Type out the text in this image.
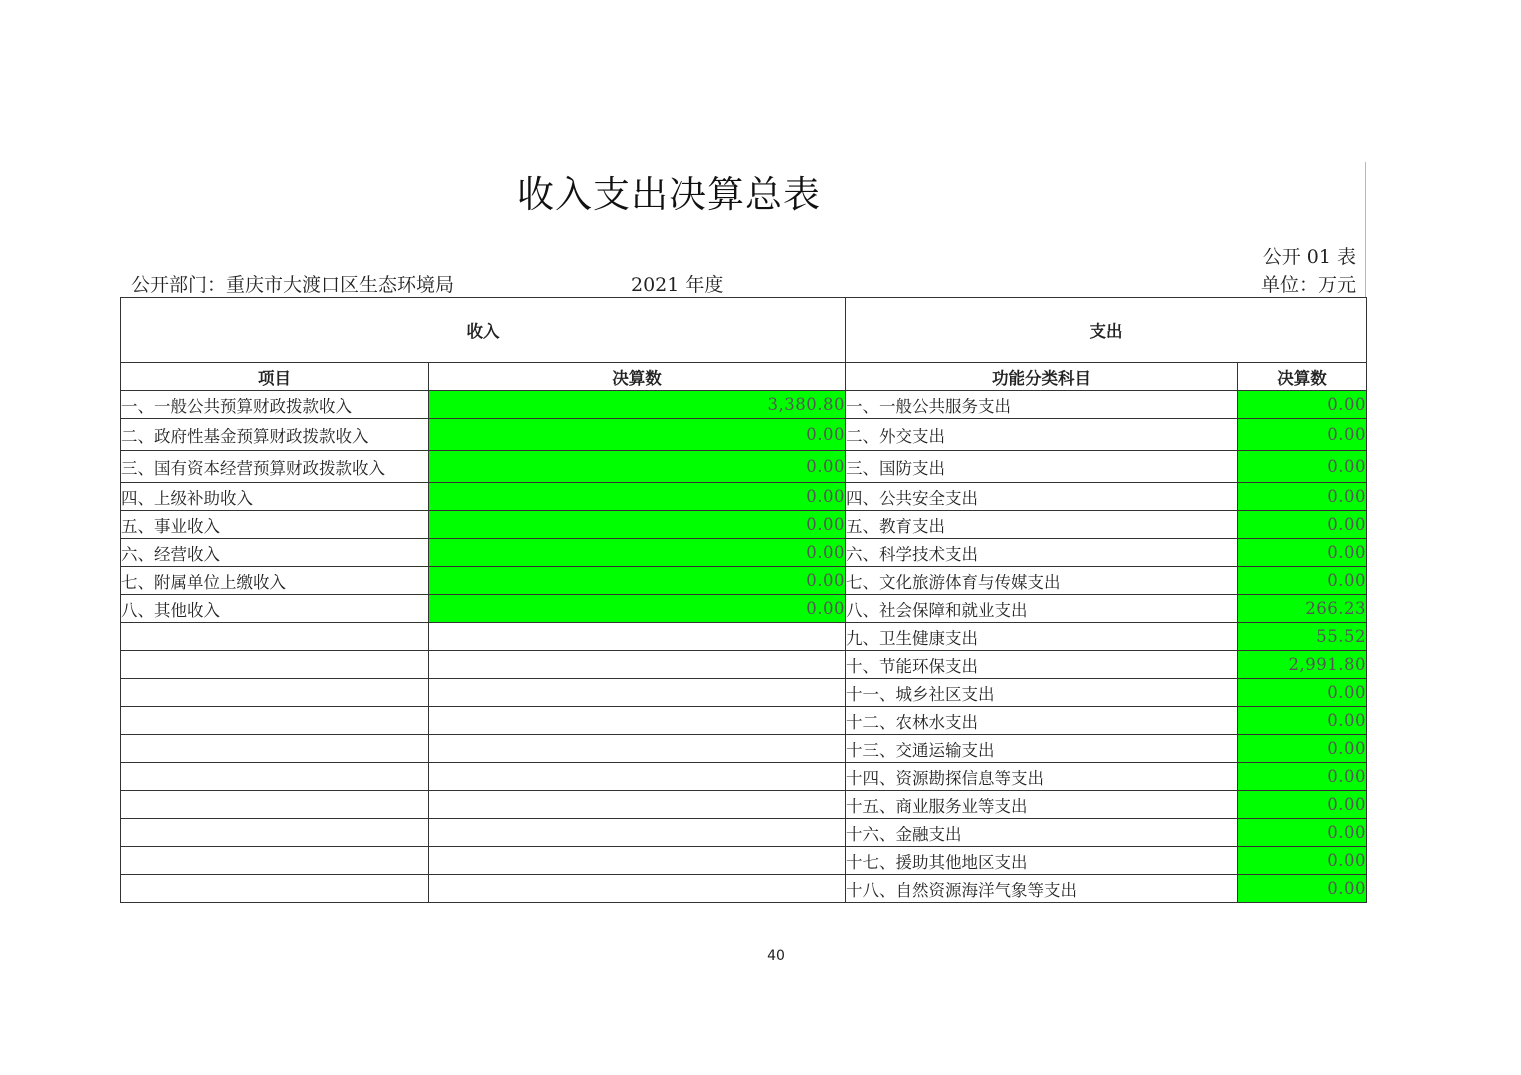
收入支出决算总表
公开 01 表
公开部门：重庆市大渡口区生态环境局	2021 年度	单位：万元
收入		支出	
项目	决算数	功能分类科目	决算数
一、一般公共预算财政拨款收入	3,380.80	一、一般公共服务支出	0.00
二、政府性基金预算财政拨款收入	0.00	二、外交支出	0.00
三、国有资本经营预算财政拨款收入	0.00	三、国防支出	0.00
四、上级补助收入	0.00	四、公共安全支出	0.00
五、事业收入	0.00	五、教育支出	0.00
六、经营收入	0.00	六、科学技术支出	0.00
七、附属单位上缴收入	0.00	七、文化旅游体育与传媒支出	0.00
八、其他收入	0.00	八、社会保障和就业支出	266.23
		九、卫生健康支出	55.52
		十、节能环保支出	2,991.80
		十一、城乡社区支出	0.00
		十二、农林水支出	0.00
		十三、交通运输支出	0.00
		十四、资源勘探信息等支出	0.00
		十五、商业服务业等支出	0.00
		十六、金融支出	0.00
		十七、援助其他地区支出	0.00
		十八、自然资源海洋气象等支出	0.00
40
